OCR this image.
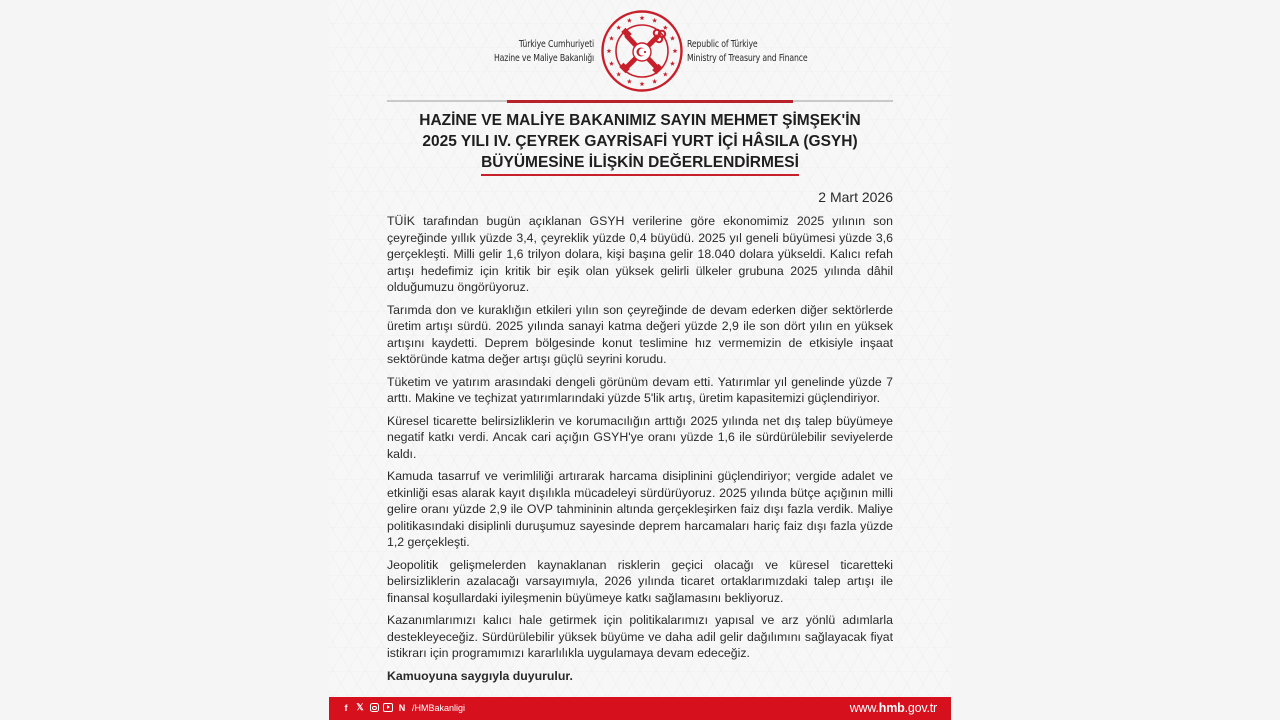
Türkiye Cumhuriyeti
Hazine ve Maliye Bakanlığı
Republic of Türkiye
Ministry of Treasury and Finance
HAZİNE VE MALİYE BAKANIMIZ SAYIN MEHMET ŞİMŞEK'İN
2025 YILI IV. ÇEYREK GAYRİSAFİ YURT İÇİ HÂSILA (GSYH)
BÜYÜMESİNE İLİŞKİN DEĞERLENDİRMESİ
2 Mart 2026

TÜİK tarafından bugün açıklanan GSYH verilerine göre ekonomimiz 2025 yılının son çeyreğinde yıllık yüzde 3,4, çeyreklik yüzde 0,4 büyüdü. 2025 yıl geneli büyümesi yüzde 3,6 gerçekleşti. Milli gelir 1,6 trilyon dolara, kişi başına gelir 18.040 dolara yükseldi. Kalıcı refah artışı hedefimiz için kritik bir eşik olan yüksek gelirli ülkeler grubuna 2025 yılında dâhil olduğumuzu öngörüyoruz.

Tarımda don ve kuraklığın etkileri yılın son çeyreğinde de devam ederken diğer sektörlerde üretim artışı sürdü. 2025 yılında sanayi katma değeri yüzde 2,9 ile son dört yılın en yüksek artışını kaydetti. Deprem bölgesinde konut teslimine hız vermemizin de etkisiyle inşaat sektöründe katma değer artışı güçlü seyrini korudu.

Tüketim ve yatırım arasındaki dengeli görünüm devam etti. Yatırımlar yıl genelinde yüzde 7 arttı. Makine ve teçhizat yatırımlarındaki yüzde 5'lik artış, üretim kapasitemizi güçlendiriyor.

Küresel ticarette belirsizliklerin ve korumacılığın arttığı 2025 yılında net dış talep büyümeye negatif katkı verdi. Ancak cari açığın GSYH'ye oranı yüzde 1,6 ile sürdürülebilir seviyelerde kaldı.

Kamuda tasarruf ve verimliliği artırarak harcama disiplinini güçlendiriyor; vergide adalet ve etkinliği esas alarak kayıt dışılıkla mücadeleyi sürdürüyoruz. 2025 yılında bütçe açığının milli gelire oranı yüzde 2,9 ile OVP tahmininin altında gerçekleşirken faiz dışı fazla verdik. Maliye politikasındaki disiplinli duruşumuz sayesinde deprem harcamaları hariç faiz dışı fazla yüzde 1,2 gerçekleşti.

Jeopolitik gelişmelerden kaynaklanan risklerin geçici olacağı ve küresel ticaretteki belirsizliklerin azalacağı varsayımıyla, 2026 yılında ticaret ortaklarımızdaki talep artışı ile finansal koşullardaki iyileşmenin büyümeye katkı sağlamasını bekliyoruz.

Kazanımlarımızı kalıcı hale getirmek için politikalarımızı yapısal ve arz yönlü adımlarla destekleyeceğiz. Sürdürülebilir yüksek büyüme ve daha adil gelir dağılımını sağlayacak fiyat istikrarı için programımızı kararlılıkla uygulamaya devam edeceğiz.

Kamuoyuna saygıyla duyurulur.

f 𝕏	N /HMBakanligi	www.hmb.gov.tr
